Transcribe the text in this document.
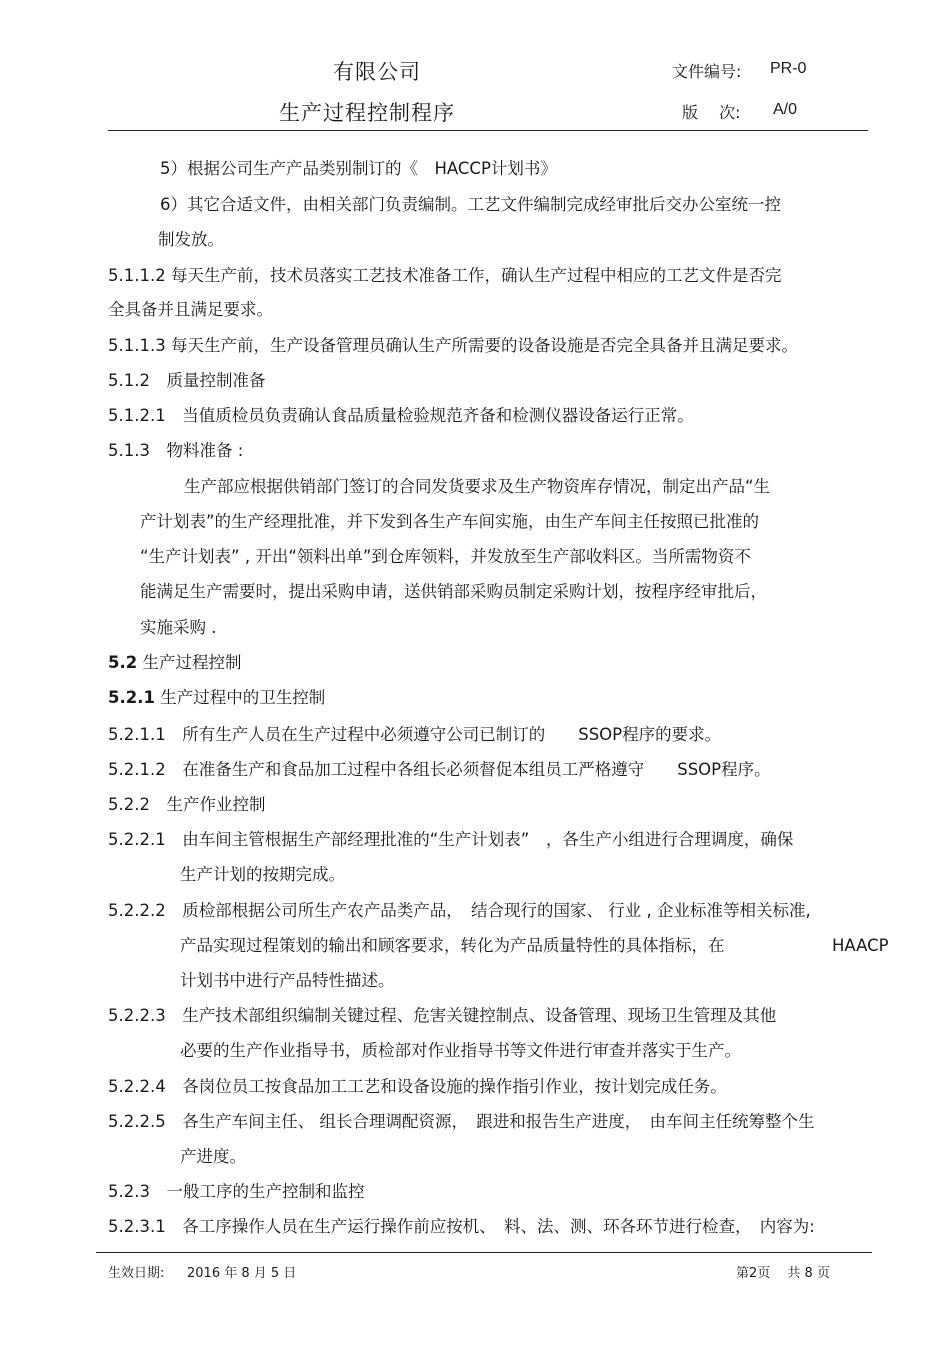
有限公司	文件编号: PR-0
生产过程控制程序	版　 次: A/0
5）根据公司生产产品类别制订的《　HACCP计划书》
6）其它合适文件，由相关部门负责编制。工艺文件编制完成经审批后交办公室统一控
制发放。
5.1.1.2 每天生产前，技术员落实工艺技术准备工作，确认生产过程中相应的工艺文件是否完
全具备并且满足要求。
5.1.1.3 每天生产前，生产设备管理员确认生产所需要的设备设施是否完全具备并且满足要求。
5.1.2　质量控制准备
5.1.2.1　当值质检员负责确认食品质量检验规范齐备和检测仪器设备运行正常。
5.1.3　物料准备 :
生产部应根据供销部门签订的合同发货要求及生产物资库存情况，制定出产品“生
产计划表”的生产经理批准，并下发到各生产车间实施，由生产车间主任按照已批准的
“生产计划表” , 开出“领料出单”到仓库领料，并发放至生产部收料区。当所需物资不
能满足生产需要时，提出采购申请，送供销部采购员制定采购计划，按程序经审批后，
实施采购 .
5.2 生产过程控制
5.2.1 生产过程中的卫生控制
5.2.1.1　所有生产人员在生产过程中必须遵守公司已制订的　　SSOP程序的要求。
5.2.1.2　在准备生产和食品加工过程中各组长必须督促本组员工严格遵守　　SSOP程序。
5.2.2　生产作业控制
5.2.2.1　由车间主管根据生产部经理批准的“生产计划表”　，各生产小组进行合理调度，确保
生产计划的按期完成。
5.2.2.2　质检部根据公司所生产农产品类产品，　结合现行的国家、 行业 , 企业标准等相关标准,
产品实现过程策划的输出和顾客要求，转化为产品质量特性的具体指标，在	HAACP
计划书中进行产品特性描述。
5.2.2.3　生产技术部组织编制关键过程、危害关键控制点、设备管理、现场卫生管理及其他
必要的生产作业指导书，质检部对作业指导书等文件进行审查并落实于生产。
5.2.2.4　各岗位员工按食品加工工艺和设备设施的操作指引作业，按计划完成任务。
5.2.2.5　各生产车间主任、 组长合理调配资源，　跟进和报告生产进度，　由车间主任统筹整个生
产进度。
5.2.3　一般工序的生产控制和监控
5.2.3.1　各工序操作人员在生产运行操作前应按机、　料、法、测、环各环节进行检查，　内容为:
生效日期: 2016 年 8 月 5 日	第2页　 共 8 页
